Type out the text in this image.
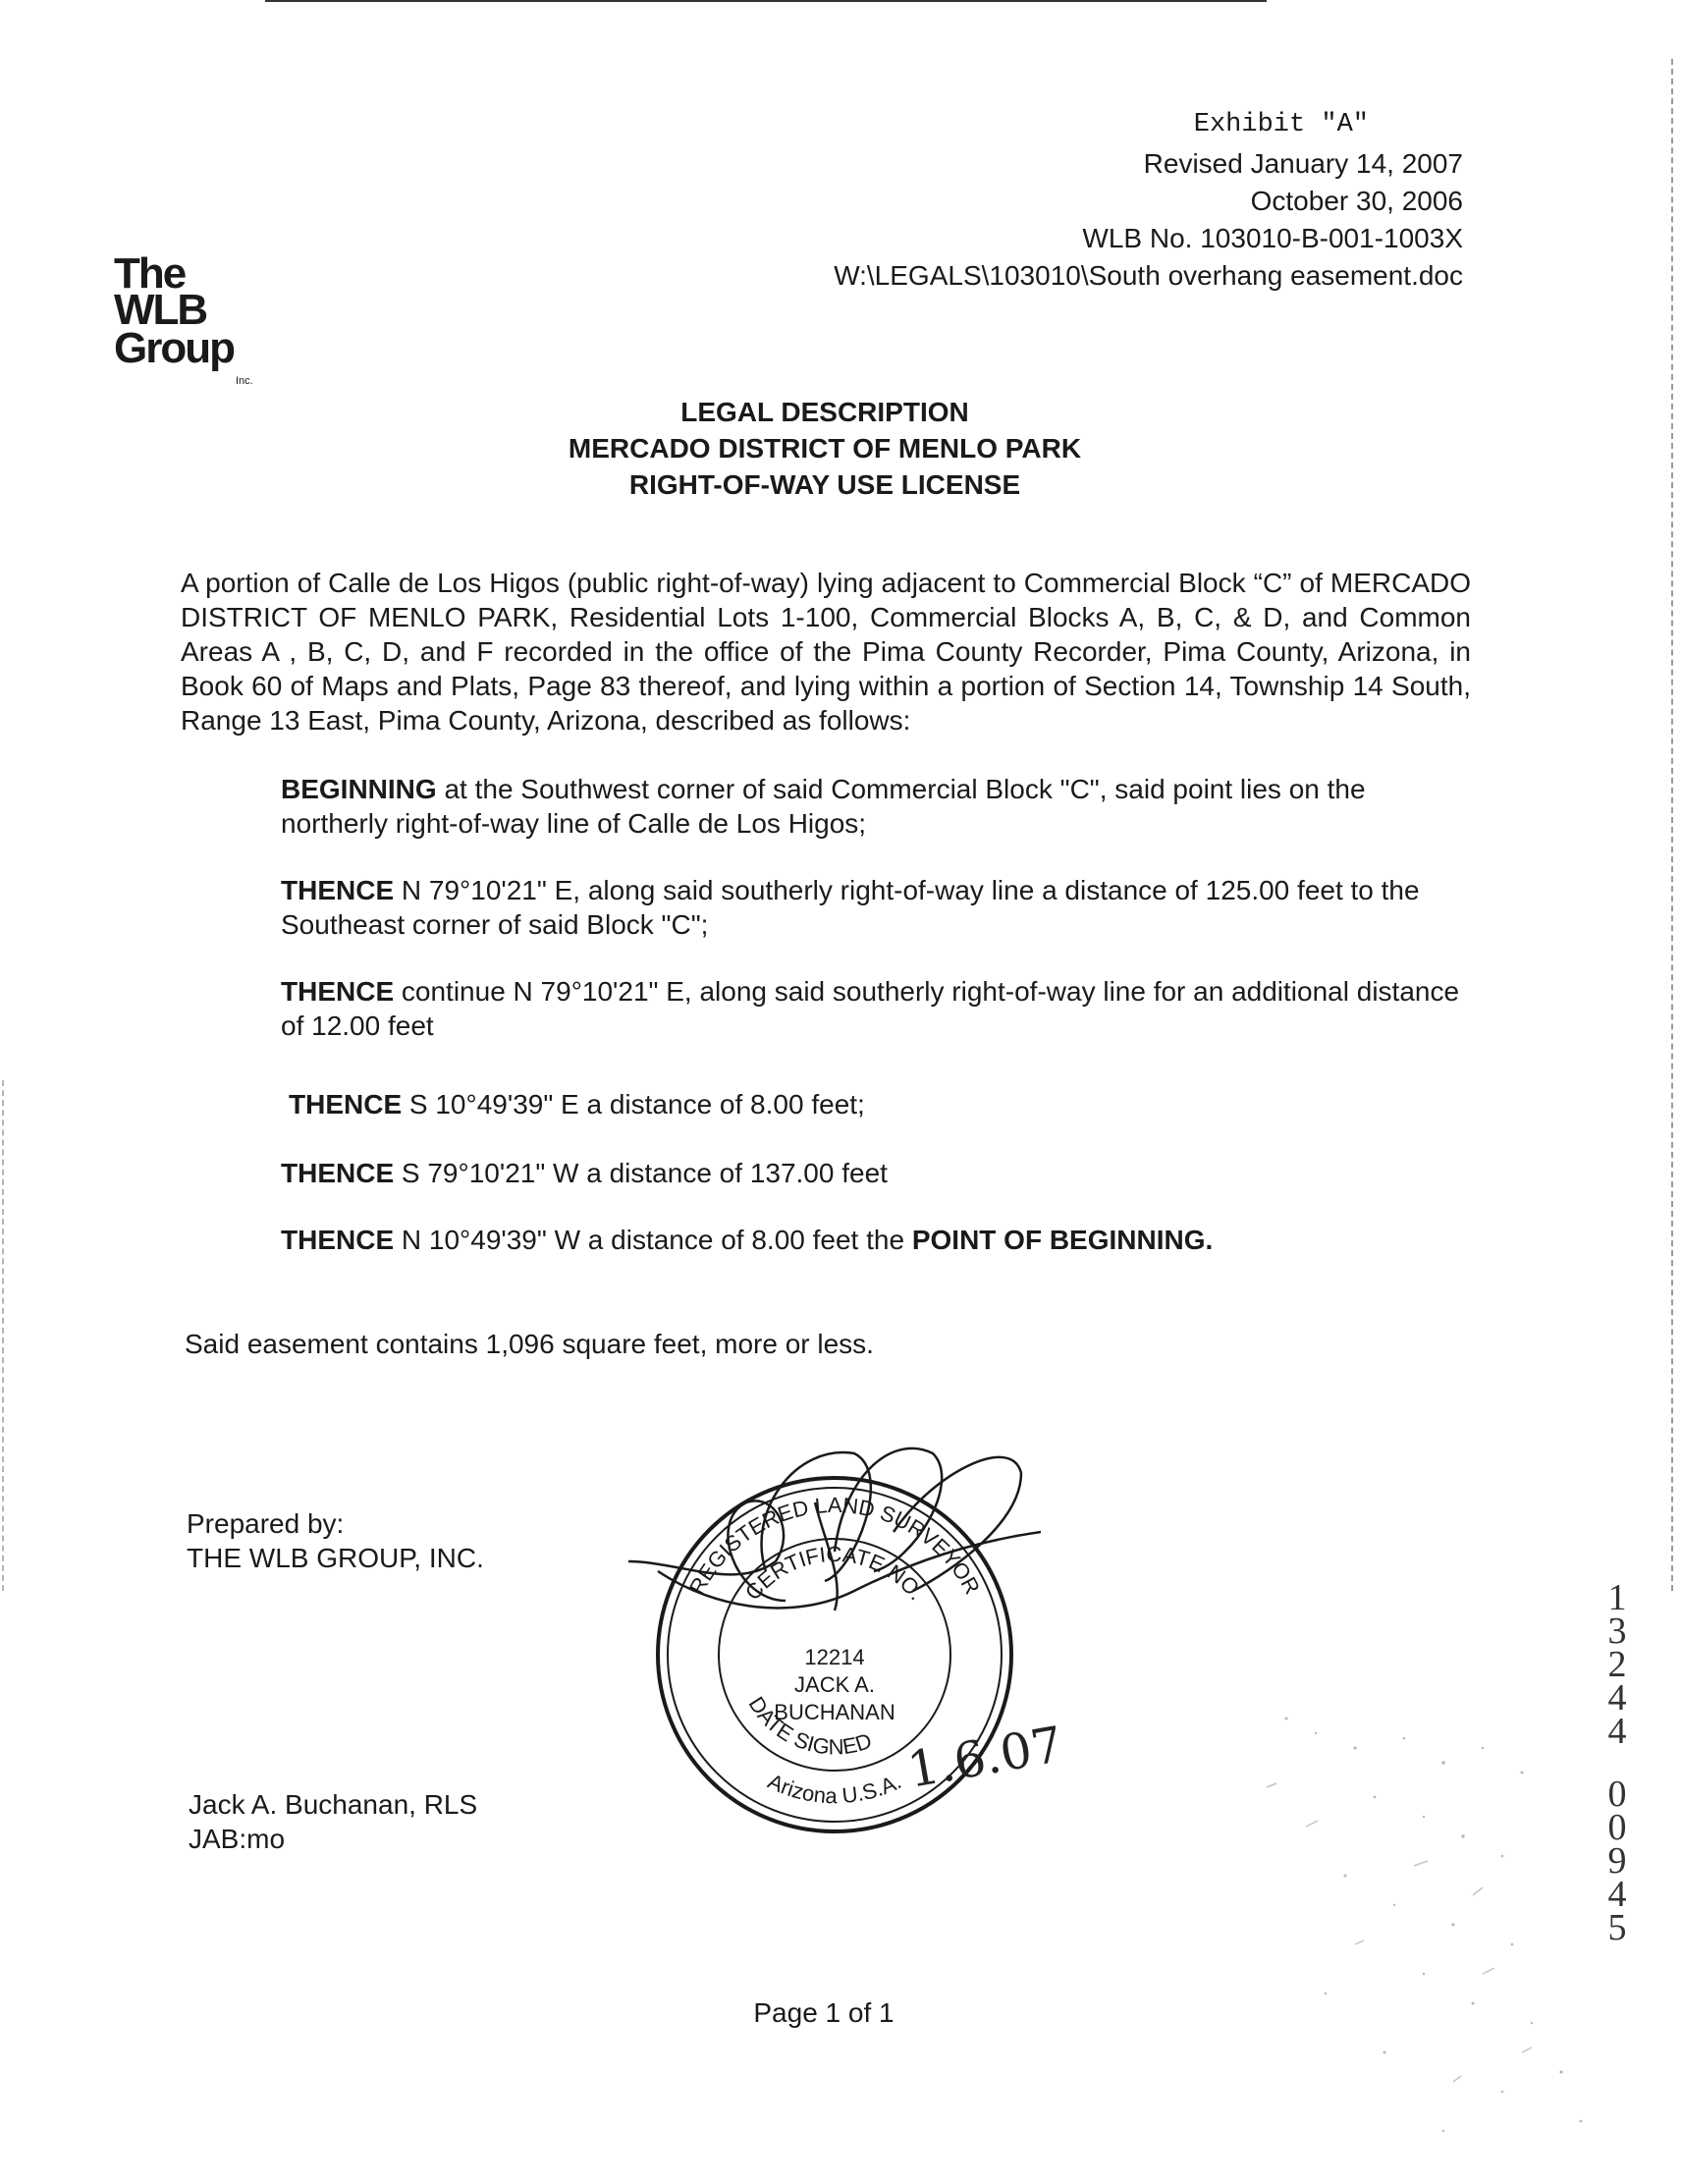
Exhibit "A"
Revised January 14, 2007
October 30, 2006
WLB No. 103010-B-001-1003X
W:\LEGALS\103010\South overhang easement.doc
The
WLB
Group
Inc.
LEGAL DESCRIPTION
MERCADO DISTRICT OF MENLO PARK
RIGHT-OF-WAY USE LICENSE
A portion of Calle de Los Higos (public right-of-way) lying adjacent to Commercial Block “C” of MERCADO DISTRICT OF MENLO PARK, Residential Lots 1-100, Commercial Blocks A, B, C, & D, and Common Areas A , B, C, D, and F recorded in the office of the Pima County Recorder, Pima County, Arizona, in Book 60 of Maps and Plats, Page 83 thereof, and lying within a portion of Section 14, Township 14 South, Range 13 East, Pima County, Arizona, described as follows:
BEGINNING at the Southwest corner of said Commercial Block "C", said point lies on the northerly right-of-way line of Calle de Los Higos;
THENCE N 79°10'21" E, along said southerly right-of-way line a distance of 125.00 feet to the Southeast corner of said Block "C";
THENCE continue N 79°10'21" E, along said southerly right-of-way line for an additional distance of 12.00 feet
THENCE S 10°49'39" E a distance of 8.00 feet;
THENCE S 79°10'21" W a distance of 137.00 feet
THENCE N 10°49'39" W a distance of 8.00 feet the POINT OF BEGINNING.
Said easement contains 1,096 square feet, more or less.
Prepared by:
THE WLB GROUP, INC.
REGISTERED LAND SURVEYOR
CERTIFICATE NO.
12214
JACK A.
BUCHANAN
DATE SIGNED
Arizona U.S.A.
1.6.07
Jack A. Buchanan, RLS
JAB:mo
1
3
2
4
4
0
0
9
4
5
Page 1 of 1
